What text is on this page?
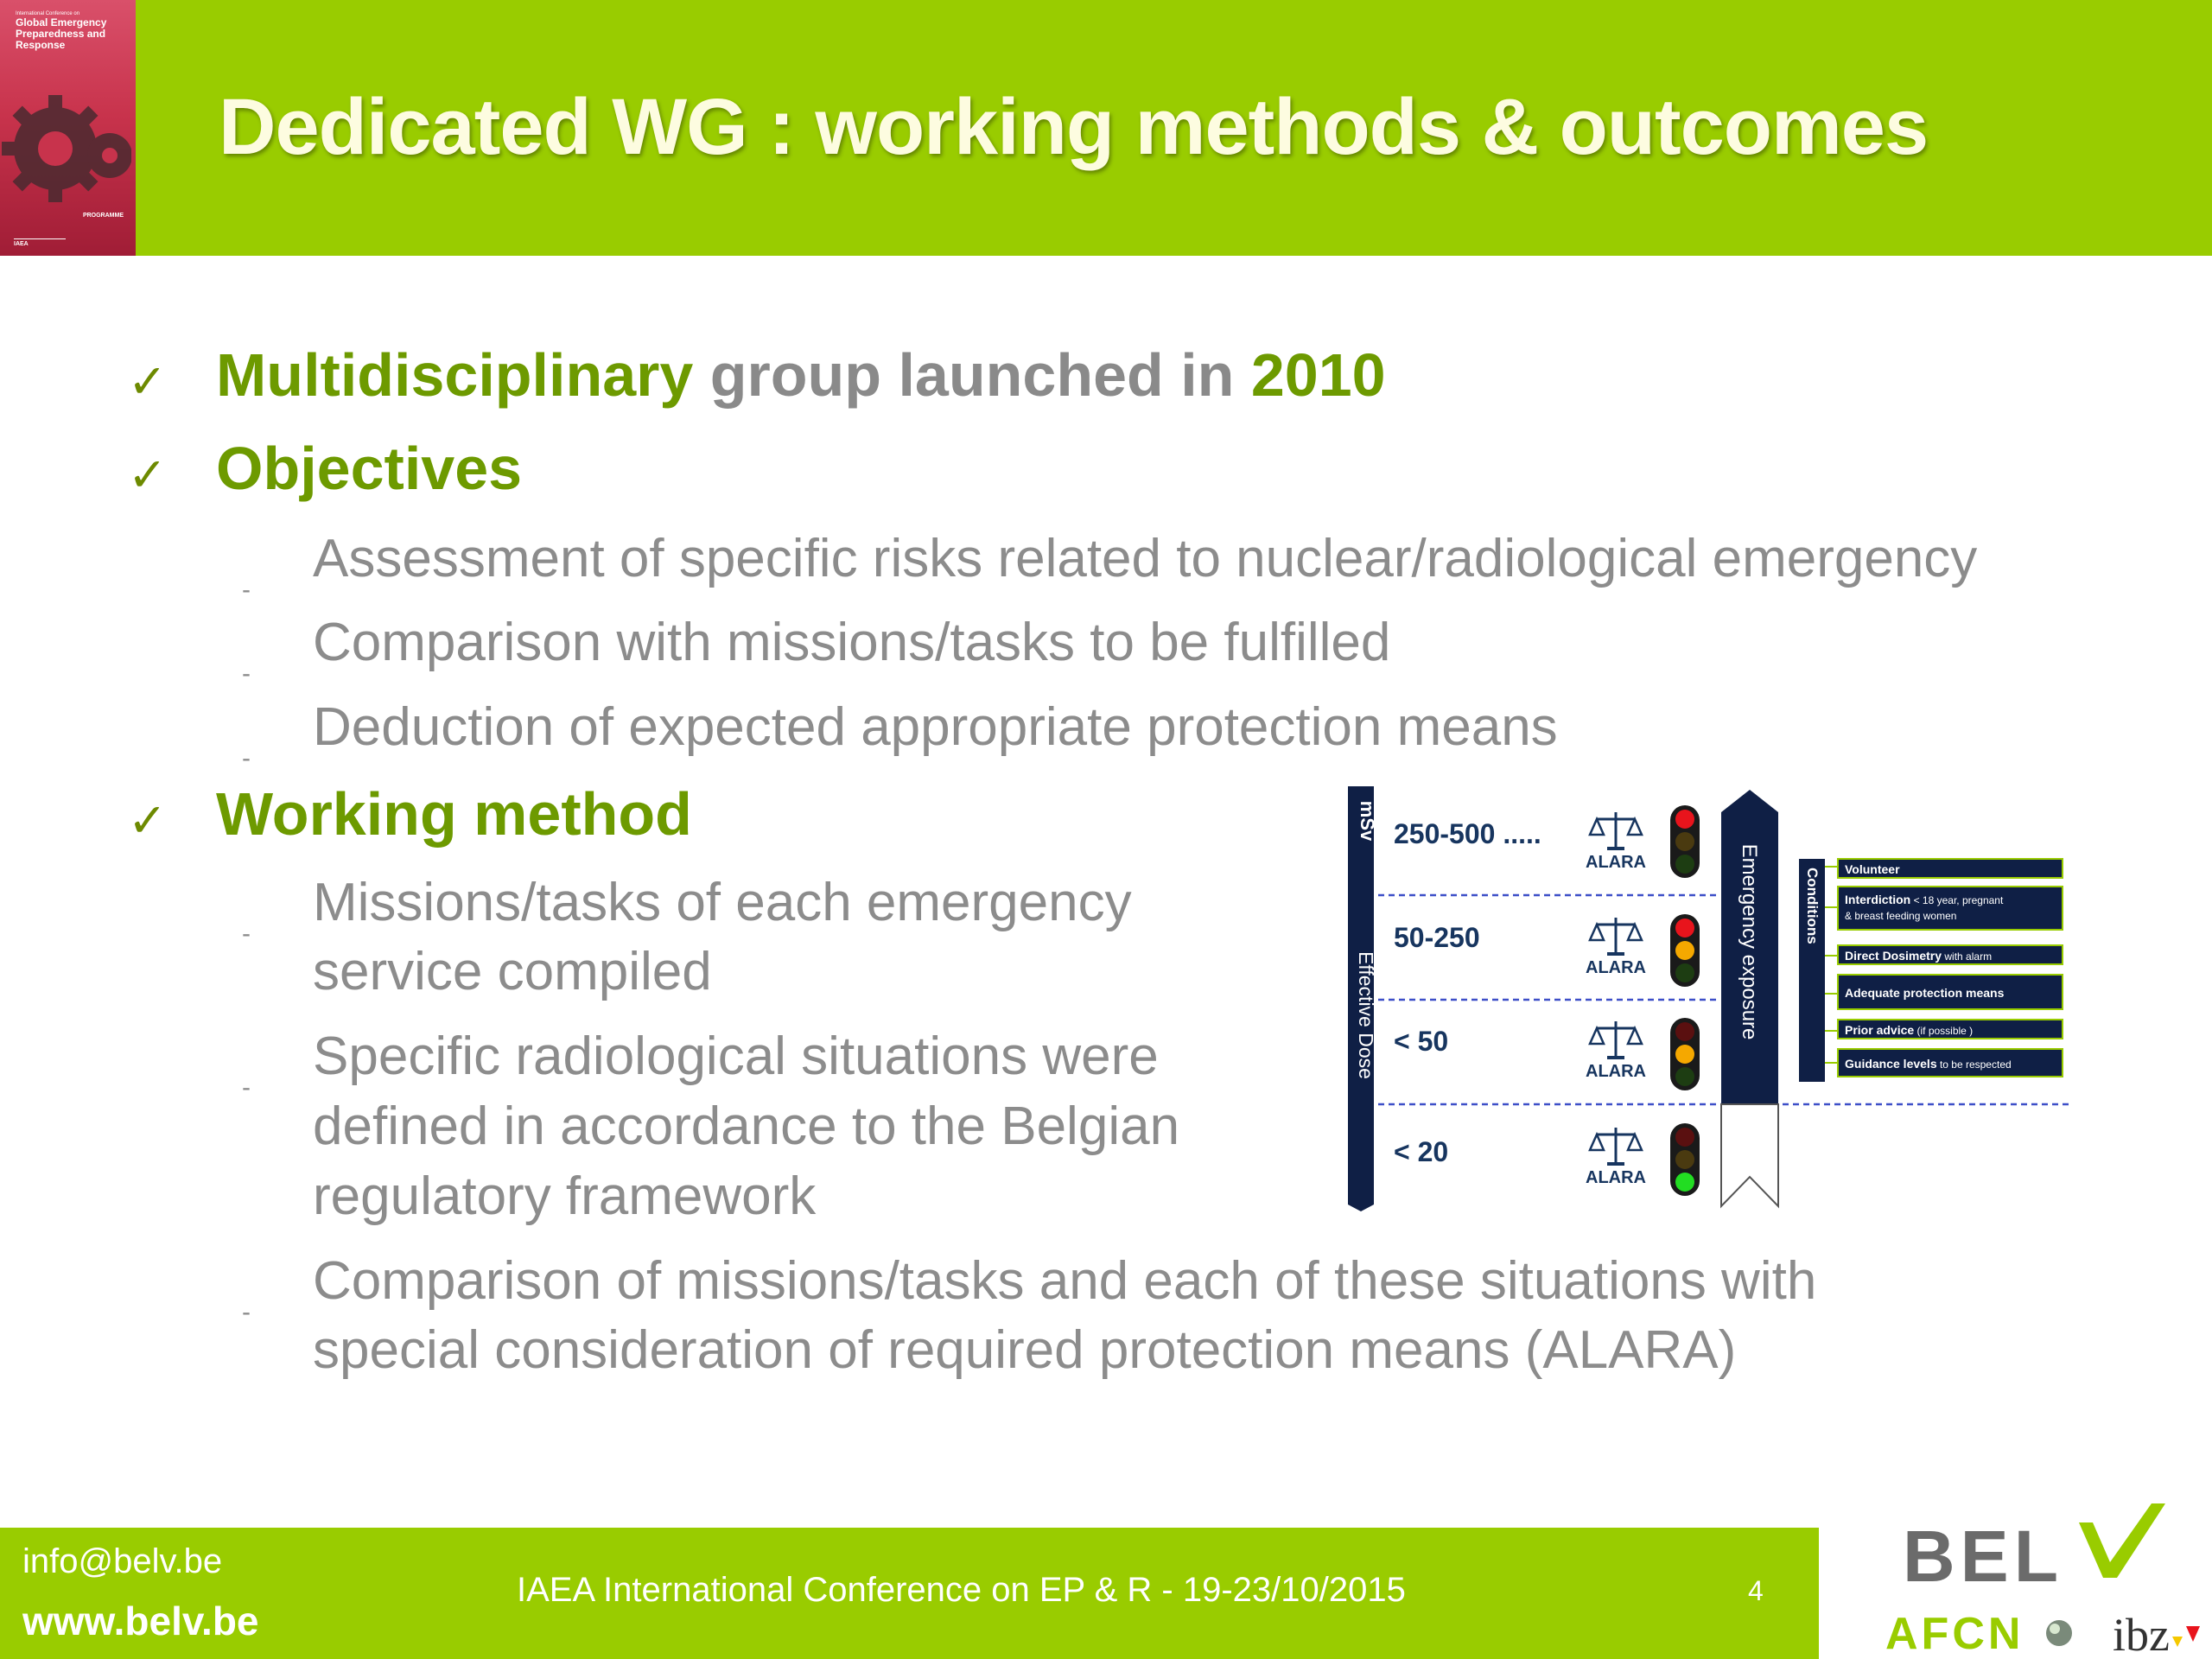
International Conference on
Global Emergency Preparedness and Response
PROGRAMME
IAEA
Dedicated WG : working methods & outcomes
✓ Multidisciplinary group launched in 2010
✓ Objectives
-
Assessment of specific risks related to nuclear/radiological emergency
-
Comparison with missions/tasks to be fulfilled
-
Deduction of expected appropriate protection means
✓ Working method
-
Missions/tasks of each emergency
service compiled
-
Specific radiological situations were
defined in accordance to the Belgian
regulatory framework
-
Comparison of missions/tasks and each of these situations with
special consideration of required protection means (ALARA)
mSv
Effective Dose
250-500 .....
50-250
< 50
< 20
ALARA
ALARA
ALARA
ALARA
Emergency exposure	Conditions Volunteer
Interdiction < 18 year, pregnant
& breast feeding women
Direct Dosimetry with alarm
Adequate protection means
Prior advice (if possible )
Guidance levels to be respected
info@belv.be
www.belv.be
IAEA International Conference on EP & R - 19-23/10/2015	4 BEL
AFCN ibz
